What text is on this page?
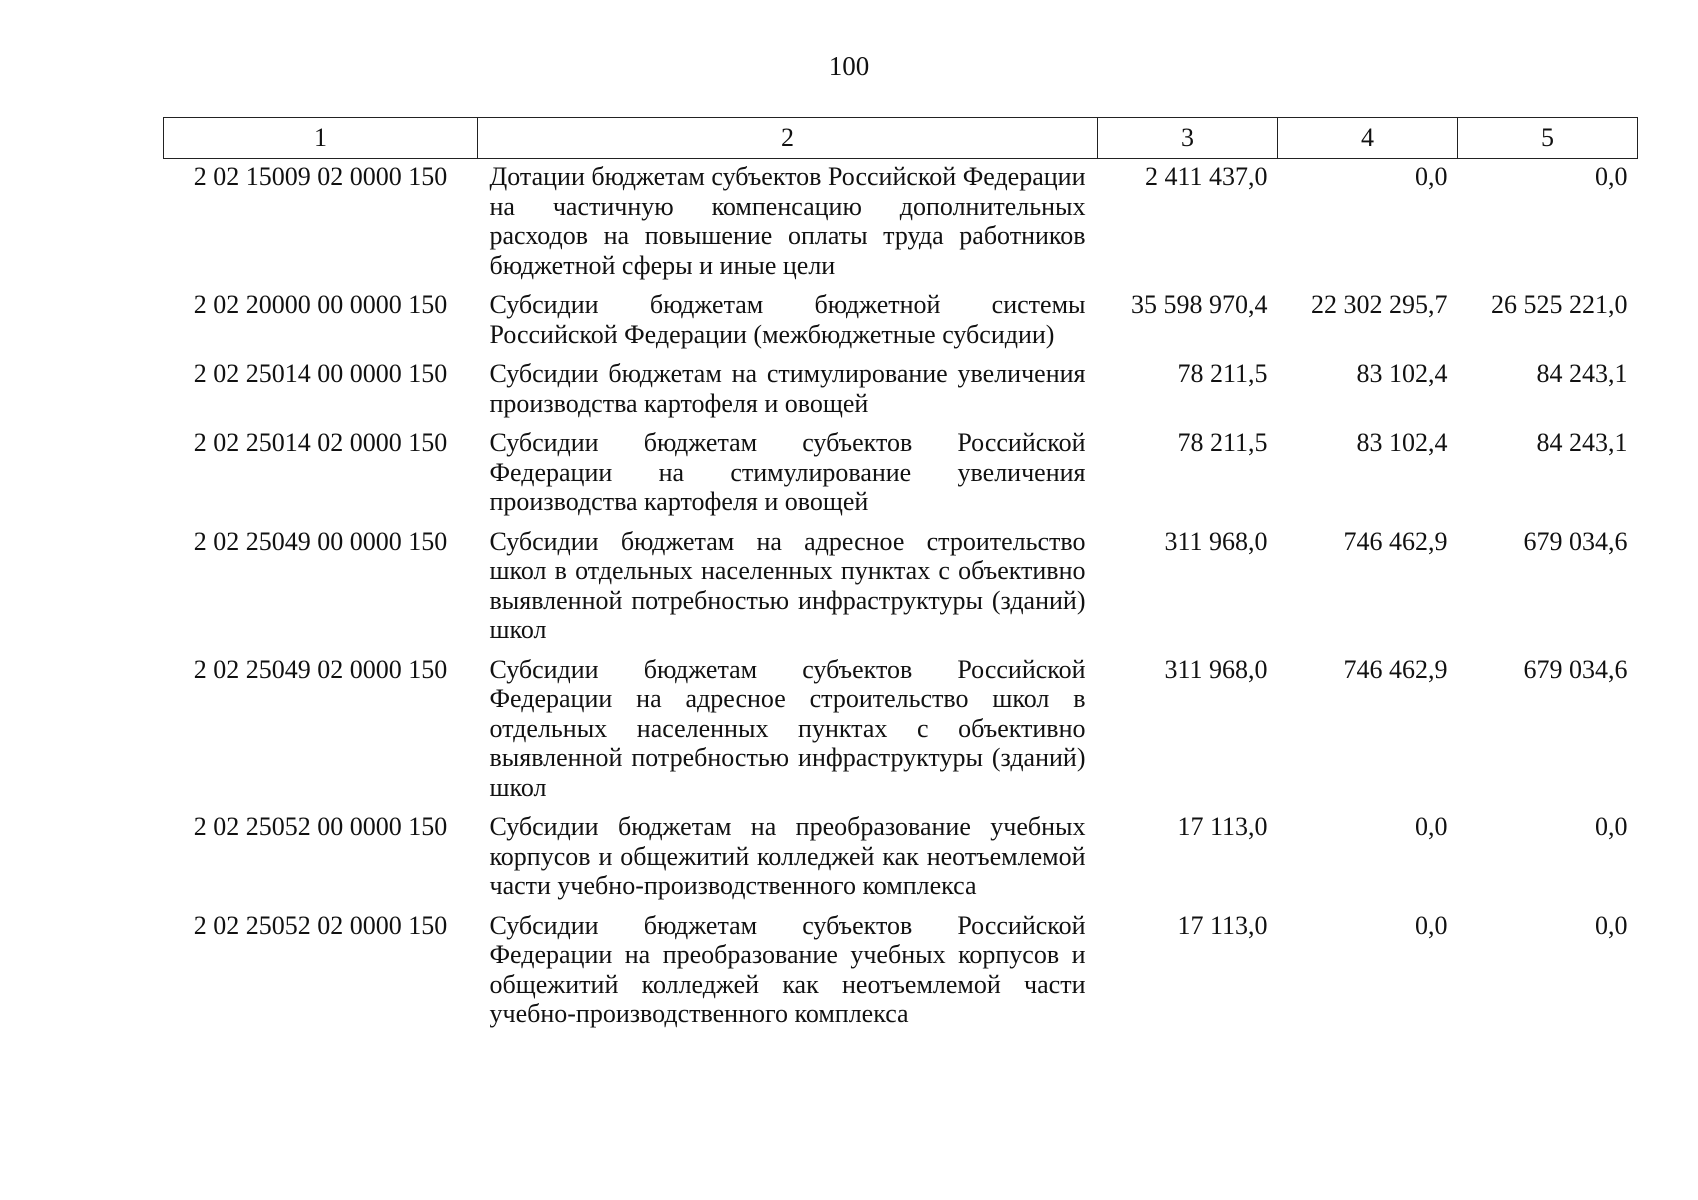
100
1	2	3	4	5
2 02 15009 02 0000 150	Дотации бюджетам субъектов Российской Федерации на частичную компенсацию дополнительных расходов на повышение оплаты труда работников бюджетной сферы и иные цели	2 411 437,0	0,0	0,0
2 02 20000 00 0000 150	Субсидии бюджетам бюджетной системы Российской Федерации (межбюджетные субсидии)	35 598 970,4	22 302 295,7	26 525 221,0
2 02 25014 00 0000 150	Субсидии бюджетам на стимулирование увеличения производства картофеля и овощей	78 211,5	83 102,4	84 243,1
2 02 25014 02 0000 150	Субсидии бюджетам субъектов Российской Федерации на стимулирование увеличения производства картофеля и овощей	78 211,5	83 102,4	84 243,1
2 02 25049 00 0000 150	Субсидии бюджетам на адресное строительство школ в отдельных населенных пунктах с объективно выявленной потребностью инфраструктуры (зданий) школ	311 968,0	746 462,9	679 034,6
2 02 25049 02 0000 150	Субсидии бюджетам субъектов Российской Федерации на адресное строительство школ в отдельных населенных пунктах с объективно выявленной потребностью инфраструктуры (зданий) школ	311 968,0	746 462,9	679 034,6
2 02 25052 00 0000 150	Субсидии бюджетам на преобразование учебных корпусов и общежитий колледжей как неотъемлемой части учебно-производственного комплекса	17 113,0	0,0	0,0
2 02 25052 02 0000 150	Субсидии бюджетам субъектов Российской Федерации на преобразование учебных корпусов и общежитий колледжей как неотъемлемой части учебно-производственного комплекса	17 113,0	0,0	0,0
